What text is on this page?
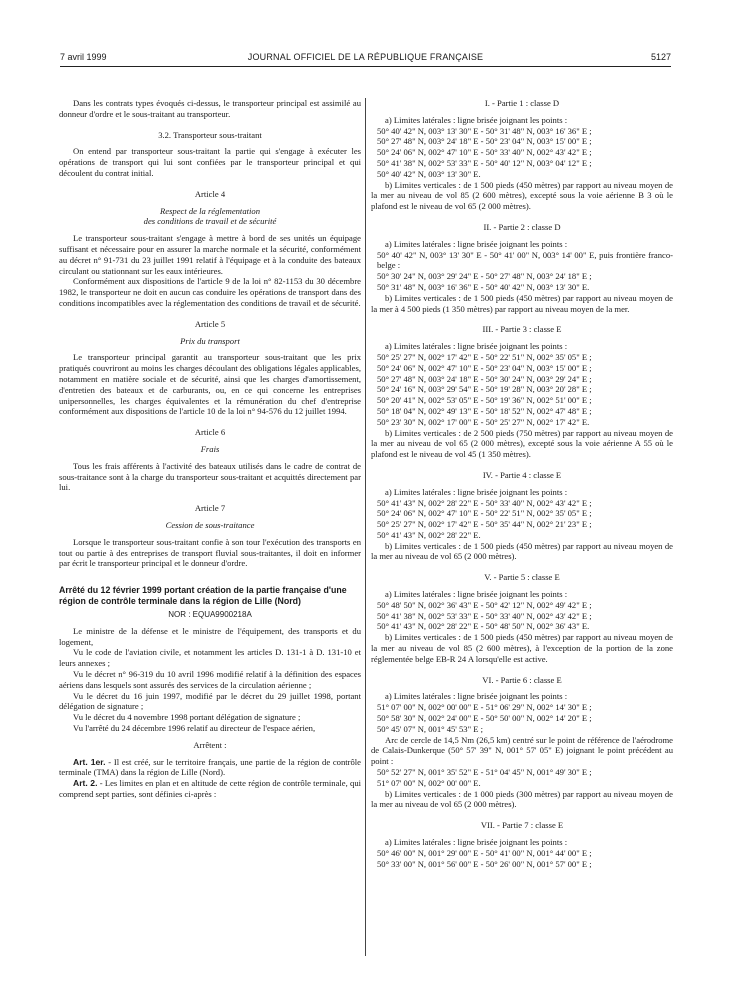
7 avril 1999	JOURNAL OFFICIEL DE LA RÉPUBLIQUE FRANÇAISE	5127

Dans les contrats types évoqués ci-dessus, le transporteur principal est assimilé au donneur d'ordre et le sous-traitant au transporteur.

3.2. Transporteur sous-traitant

On entend par transporteur sous-traitant la partie qui s'engage à exécuter les opérations de transport qui lui sont confiées par le transporteur principal et qui découlent du contrat initial.

Article 4
Respect de la réglementation
des conditions de travail et de sécurité

Le transporteur sous-traitant s'engage à mettre à bord de ses unités un équipage suffisant et nécessaire pour en assurer la marche normale et la sécurité, conformément au décret n° 91-731 du 23 juillet 1991 relatif à l'équipage et à la conduite des bateaux circulant ou stationnant sur les eaux intérieures.

Conformément aux dispositions de l'article 9 de la loi n° 82-1153 du 30 décembre 1982, le transporteur ne doit en aucun cas conduire les opérations de transport dans des conditions incompatibles avec la réglementation des conditions de travail et de sécurité.

Article 5
Prix du transport

Le transporteur principal garantit au transporteur sous-traitant que les prix pratiqués couvriront au moins les charges découlant des obligations légales applicables, notamment en matière sociale et de sécurité, ainsi que les charges d'amortissement, d'entretien des bateaux et de carburants, ou, en ce qui concerne les entreprises unipersonnelles, les charges équivalentes et la rémunération du chef d'entreprise conformément aux dispositions de l'article 10 de la loi n° 94-576 du 12 juillet 1994.

Article 6
Frais

Tous les frais afférents à l'activité des bateaux utilisés dans le cadre de contrat de sous-traitance sont à la charge du transporteur sous-traitant et acquittés directement par lui.

Article 7
Cession de sous-traitance

Lorsque le transporteur sous-traitant confie à son tour l'exécution des transports en tout ou partie à des entreprises de transport fluvial sous-traitantes, il doit en informer par écrit le transporteur principal et le donneur d'ordre.

Arrêté du 12 février 1999 portant création de la partie française d'une région de contrôle terminale dans la région de Lille (Nord)
NOR : EQUA9900218A

Le ministre de la défense et le ministre de l'équipement, des transports et du logement,

Vu le code de l'aviation civile, et notamment les articles D. 131-1 à D. 131-10 et leurs annexes ;

Vu le décret n° 96-319 du 10 avril 1996 modifié relatif à la définition des espaces aériens dans lesquels sont assurés des services de la circulation aérienne ;

Vu le décret du 16 juin 1997, modifié par le décret du 29 juillet 1998, portant délégation de signature ;

Vu le décret du 4 novembre 1998 portant délégation de signature ;

Vu l'arrêté du 24 décembre 1996 relatif au directeur de l'espace aérien,

Arrêtent :

Art. 1er. - Il est créé, sur le territoire français, une partie de la région de contrôle terminale (TMA) dans la région de Lille (Nord).

Art. 2. - Les limites en plan et en altitude de cette région de contrôle terminale, qui comprend sept parties, sont définies ci-après :

I. - Partie 1 : classe D

a) Limites latérales : ligne brisée joignant les points :

50° 40' 42" N, 003° 13' 30" E - 50° 31' 48" N, 003° 16' 36" E ;
50° 27' 48" N, 003° 24' 18" E - 50° 23' 04" N, 003° 15' 00" E ;
50° 24' 06" N, 002° 47' 10" E - 50° 33' 40" N, 002° 43' 42" E ;
50° 41' 38" N, 002° 53' 33" E - 50° 40' 12" N, 003° 04' 12" E ;
50° 40' 42" N, 003° 13' 30" E.

b) Limites verticales : de 1 500 pieds (450 mètres) par rapport au niveau moyen de la mer au niveau de vol 85 (2 600 mètres), excepté sous la voie aérienne B 3 où le plafond est le niveau de vol 65 (2 000 mètres).

II. - Partie 2 : classe D

a) Limites latérales : ligne brisée joignant les points :

50° 40' 42" N, 003° 13' 30" E - 50° 41' 00" N, 003° 14' 00" E, puis frontière franco-belge :

50° 30' 24" N, 003° 29' 24" E - 50° 27' 48" N, 003° 24' 18" E ;
50° 31' 48" N, 003° 16' 36" E - 50° 40' 42" N, 003° 13' 30" E.

b) Limites verticales : de 1 500 pieds (450 mètres) par rapport au niveau moyen de la mer à 4 500 pieds (1 350 mètres) par rapport au niveau moyen de la mer.

III. - Partie 3 : classe E

a) Limites latérales : ligne brisée joignant les points :

50° 25' 27" N, 002° 17' 42" E - 50° 22' 51" N, 002° 35' 05" E ;
50° 24' 06" N, 002° 47' 10" E - 50° 23' 04" N, 003° 15' 00" E ;
50° 27' 48" N, 003° 24' 18" E - 50° 30' 24" N, 003° 29' 24" E ;
50° 24' 16" N, 003° 29' 54" E - 50° 19' 28" N, 003° 20' 28" E ;
50° 20' 41" N, 002° 53' 05" E - 50° 19' 36" N, 002° 51' 00" E ;
50° 18' 04" N, 002° 49' 13" E - 50° 18' 52" N, 002° 47' 48" E ;
50° 23' 30" N, 002° 17' 00" E - 50° 25' 27" N, 002° 17' 42" E.

b) Limites verticales : de 2 500 pieds (750 mètres) par rapport au niveau moyen de la mer au niveau de vol 65 (2 000 mètres), excepté sous la voie aérienne A 55 où le plafond est le niveau de vol 45 (1 350 mètres).

IV. - Partie 4 : classe E

a) Limites latérales : ligne brisée joignant les points :

50° 41' 43" N, 002° 28' 22" E - 50° 33' 40" N, 002° 43' 42" E ;
50° 24' 06" N, 002° 47' 10" E - 50° 22' 51" N, 002° 35' 05" E ;
50° 25' 27" N, 002° 17' 42" E - 50° 35' 44" N, 002° 21' 23" E ;
50° 41' 43" N, 002° 28' 22" E.

b) Limites verticales : de 1 500 pieds (450 mètres) par rapport au niveau moyen de la mer au niveau de vol 65 (2 000 mètres).

V. - Partie 5 : classe E

a) Limites latérales : ligne brisée joignant les points :

50° 48' 50" N, 002° 36' 43" E - 50° 42' 12" N, 002° 49' 42" E ;
50° 41' 38" N, 002° 53' 33" E - 50° 33' 40" N, 002° 43' 42" E ;
50° 41' 43" N, 002° 28' 22" E - 50° 48' 50" N, 002° 36' 43" E.

b) Limites verticales : de 1 500 pieds (450 mètres) par rapport au niveau moyen de la mer au niveau de vol 85 (2 600 mètres), à l'exception de la portion de la zone réglementée belge EB-R 24 A lorsqu'elle est active.

VI. - Partie 6 : classe E

a) Limites latérales : ligne brisée joignant les points :

51° 07' 00" N, 002° 00' 00" E - 51° 06' 29" N, 002° 14' 30" E ;
50° 58' 30" N, 002° 24' 00" E - 50° 50' 00" N, 002° 14' 20" E ;
50° 45' 07" N, 001° 45' 53" E ;

Arc de cercle de 14,5 Nm (26,5 km) centré sur le point de référence de l'aérodrome de Calais-Dunkerque (50° 57' 39" N, 001° 57' 05" E) joignant le point précédent au point :

50° 52' 27" N, 001° 35' 52" E - 51° 04' 45" N, 001° 49' 30" E ;
51° 07' 00" N, 002° 00' 00" E.

b) Limites verticales : de 1 000 pieds (300 mètres) par rapport au niveau moyen de la mer au niveau de vol 65 (2 000 mètres).

VII. - Partie 7 : classe E

a) Limites latérales : ligne brisée joignant les points :

50° 46' 00" N, 001° 29' 00" E - 50° 41' 00" N, 001° 44' 00" E ;
50° 33' 00" N, 001° 56' 00" E - 50° 26' 00" N, 001° 57' 00" E ;
